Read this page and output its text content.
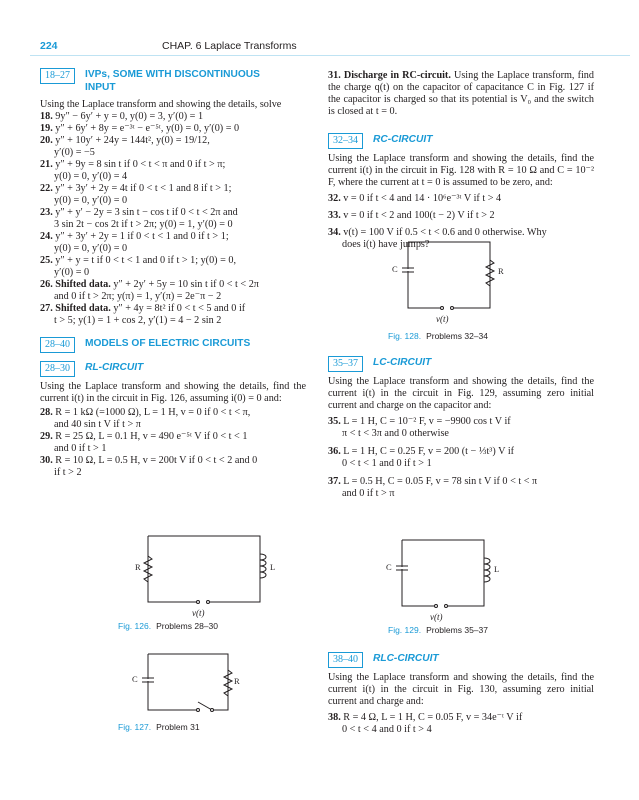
224	CHAP. 6 Laplace Transforms
18–27	IVPs, SOME WITH DISCONTINUOUS
INPUT
Using the Laplace transform and showing the details, solve
18. 9y″ − 6y′ + y = 0, y(0) = 3, y′(0) = 1
19. y″ + 6y′ + 8y = e⁻³ᵗ − e⁻⁵ᵗ, y(0) = 0, y′(0) = 0
20. y″ + 10y′ + 24y = 144t², y(0) = 19/12,
y′(0) = −5
21. y″ + 9y = 8 sin t if 0 < t < π and 0 if t > π;
y(0) = 0, y′(0) = 4
22. y″ + 3y′ + 2y = 4t if 0 < t < 1 and 8 if t > 1;
y(0) = 0, y′(0) = 0
23. y″ + y′ − 2y = 3 sin t − cos t if 0 < t < 2π and
3 sin 2t − cos 2t if t > 2π; y(0) = 1, y′(0) = 0
24. y″ + 3y′ + 2y = 1 if 0 < t < 1 and 0 if t > 1;
y(0) = 0, y′(0) = 0
25. y″ + y = t if 0 < t < 1 and 0 if t > 1; y(0) = 0,
y′(0) = 0
26. Shifted data. y″ + 2y′ + 5y = 10 sin t if 0 < t < 2π
and 0 if t > 2π; y(π) = 1, y′(π) = 2e⁻π − 2
27. Shifted data. y″ + 4y = 8t² if 0 < t < 5 and 0 if
t > 5; y(1) = 1 + cos 2, y′(1) = 4 − 2 sin 2
28–40	MODELS OF ELECTRIC CIRCUITS
28–30	RL-CIRCUIT
Using the Laplace transform and showing the details, find the current i(t) in the circuit in Fig. 126, assuming i(0) = 0 and:
28. R = 1 kΩ (=1000 Ω), L = 1 H, v = 0 if 0 < t < π,
and 40 sin t V if t > π
29. R = 25 Ω, L = 0.1 H, v = 490 e⁻⁵ᵗ V if 0 < t < 1
and 0 if t > 1
30. R = 10 Ω, L = 0.5 H, v = 200t V if 0 < t < 2 and 0
if t > 2
R	L
v(t)
Fig. 126. Problems 28–30
C	R
Fig. 127. Problem 31
31. Discharge in RC-circuit. Using the Laplace transform, find the charge q(t) on the capacitor of capacitance C in Fig. 127 if the capacitor is charged so that its potential is V₀ and the switch is closed at t = 0.
32–34	RC-CIRCUIT
Using the Laplace transform and showing the details, find the current i(t) in the circuit in Fig. 128 with R = 10 Ω and C = 10⁻² F, where the current at t = 0 is assumed to be zero, and:
32. v = 0 if t < 4 and 14 · 10⁶e⁻³ᵗ V if t > 4
33. v = 0 if t < 2 and 100(t − 2) V if t > 2
34. v(t) = 100 V if 0.5 < t < 0.6 and 0 otherwise. Why
does i(t) have jumps?
C	R
v(t)
Fig. 128. Problems 32–34
35–37	LC-CIRCUIT
Using the Laplace transform and showing the details, find the current i(t) in the circuit in Fig. 129, assuming zero initial current and charge on the capacitor and:
35. L = 1 H, C = 10⁻² F, v = −9900 cos t V if
π < t < 3π and 0 otherwise
36. L = 1 H, C = 0.25 F, v = 200 (t − ⅓t³) V if
0 < t < 1 and 0 if t > 1
37. L = 0.5 H, C = 0.05 F, v = 78 sin t V if 0 < t < π
and 0 if t > π
C	L
v(t)
Fig. 129. Problems 35–37
38–40	RLC-CIRCUIT
Using the Laplace transform and showing the details, find the current i(t) in the circuit in Fig. 130, assuming zero initial current and charge and:
38. R = 4 Ω, L = 1 H, C = 0.05 F, v = 34e⁻ᵗ V if
0 < t < 4 and 0 if t > 4
